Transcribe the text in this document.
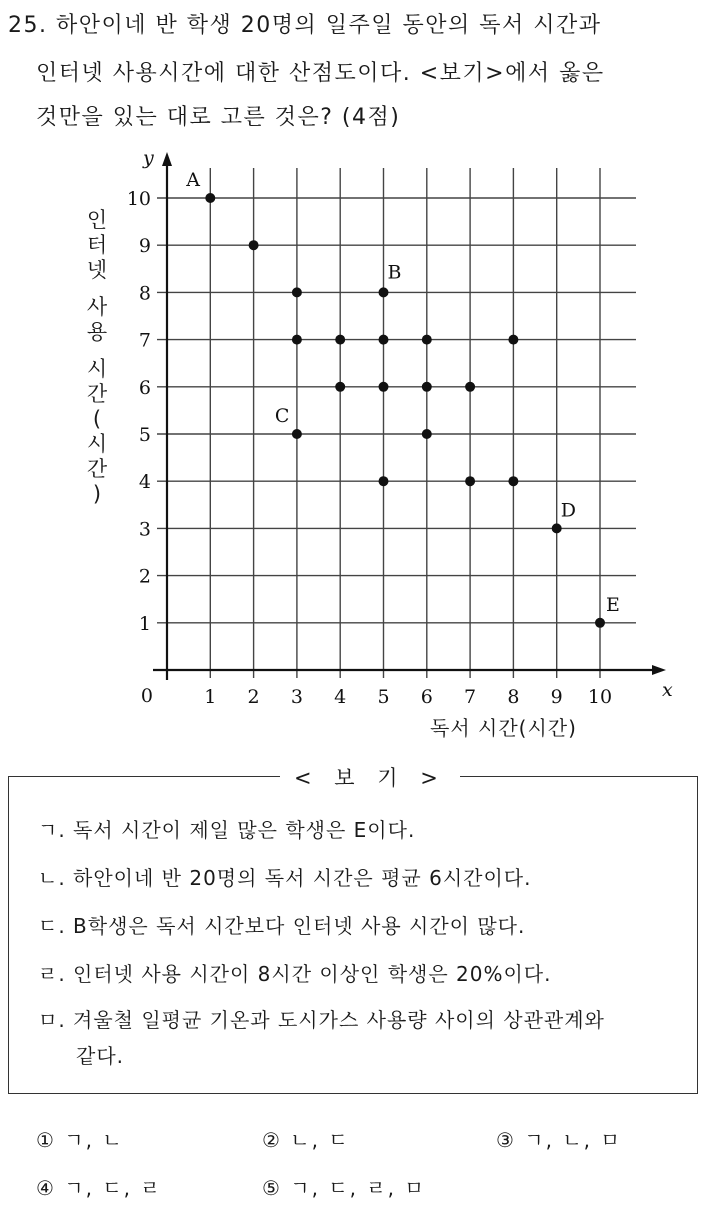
25. 하안이네 반 학생 20명의 일주일 동안의 독서 시간과
인터넷 사용시간에 대한 산점도이다. <보기>에서 옳은
것만을 있는 대로 고른 것은? (4점)
1 2 3 4 5 6 7 8 9 10
1
2
3
4
5
6
7
8
9
10
0	x
y
A
B
C
D
E
인
터
넷

사
용

시
간
(
시
간
)
독서 시간(시간)
< 보 기 >
ㄱ. 독서 시간이 제일 많은 학생은 E이다.
ㄴ. 하안이네 반 20명의 독서 시간은 평균 6시간이다.
ㄷ. B학생은 독서 시간보다 인터넷 사용 시간이 많다.
ㄹ. 인터넷 사용 시간이 8시간 이상인 학생은 20%이다.
ㅁ. 겨울철 일평균 기온과 도시가스 사용량 사이의 상관관계와
같다.
① ㄱ, ㄴ	② ㄴ, ㄷ	③ ㄱ, ㄴ, ㅁ
④ ㄱ, ㄷ, ㄹ	⑤ ㄱ, ㄷ, ㄹ, ㅁ
